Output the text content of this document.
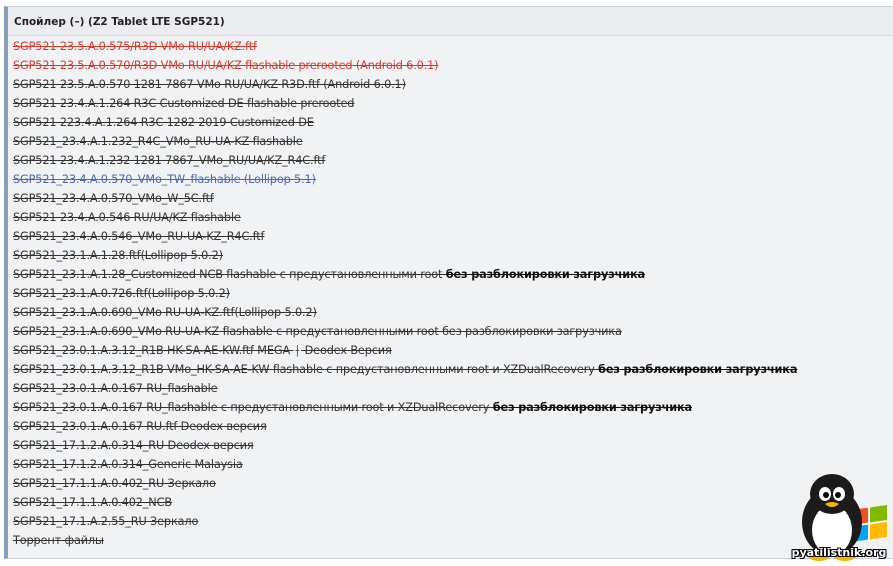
Спойлер (–) (Z2 Tablet LTE SGP521)
SGP521 23.5.A.0.575/R3D VMo RU/UA/KZ.ftf
SGP521 23.5.A.0.570/R3D VMo RU/UA/KZ flashable prerooted (Android 6.0.1)
SGP521 23.5.A.0.570 1281 7867 VMo RU/UA/KZ R3D.ftf (Android 6.0.1)
SGP521 23.4.A.1.264 R3C Customized DE flashable prerooted
SGP521 223.4.A.1.264 R3C 1282 2019 Customized DE
SGP521_23.4.A.1.232_R4C_VMo_RU-UA-KZ flashable
SGP521 23.4.A.1.232 1281 7867_VMo_RU/UA/KZ_R4C.ftf
SGP521_23.4.A.0.570_VMo_TW_flashable (Lollipop 5.1)
SGP521_23.4.A.0.570_VMo_W_5C.ftf
SGP521 23.4.A.0.546 RU/UA/KZ flashable
SGP521_23.4.A.0.546_VMo_RU-UA-KZ_R4C.ftf
SGP521_23.1.A.1.28.ftf(Lollipop 5.0.2)
SGP521_23.1.A.1.28_Customized NCB flashable с предустановленными root без разблокировки загрузчика
SGP521_23.1.A.0.726.ftf(Lollipop 5.0.2)
SGP521_23.1.A.0.690_VMo RU-UA-KZ.ftf(Lollipop 5.0.2)
SGP521_23.1.A.0.690_VMo RU-UA-KZ flashable с предустановленными root без разблокировки загрузчика
SGP521_23.0.1.A.3.12_R1B HK-SA-AE-KW.ftf MEGA | Deodex Версия
SGP521_23.0.1.A.3.12_R1B VMo_HK-SA-AE-KW flashable с предустановленными root и XZDualRecovery без разблокировки загрузчика
SGP521_23.0.1.A.0.167 RU_flashable
SGP521_23.0.1.A.0.167 RU_flashable с предустановленными root и XZDualRecovery без разблокировки загрузчика
SGP521_23.0.1.A.0.167 RU.ftf Deodex версия
SGP521_17.1.2.A.0.314_RU Deodex версия
SGP521_17.1.2.A.0.314_Generic Malaysia
SGP521_17.1.1.A.0.402_RU Зеркало
SGP521_17.1.1.A.0.402_NCB
SGP521_17.1.A.2.55_RU Зеркало
Торрент файлы
pyatilistnik.org
